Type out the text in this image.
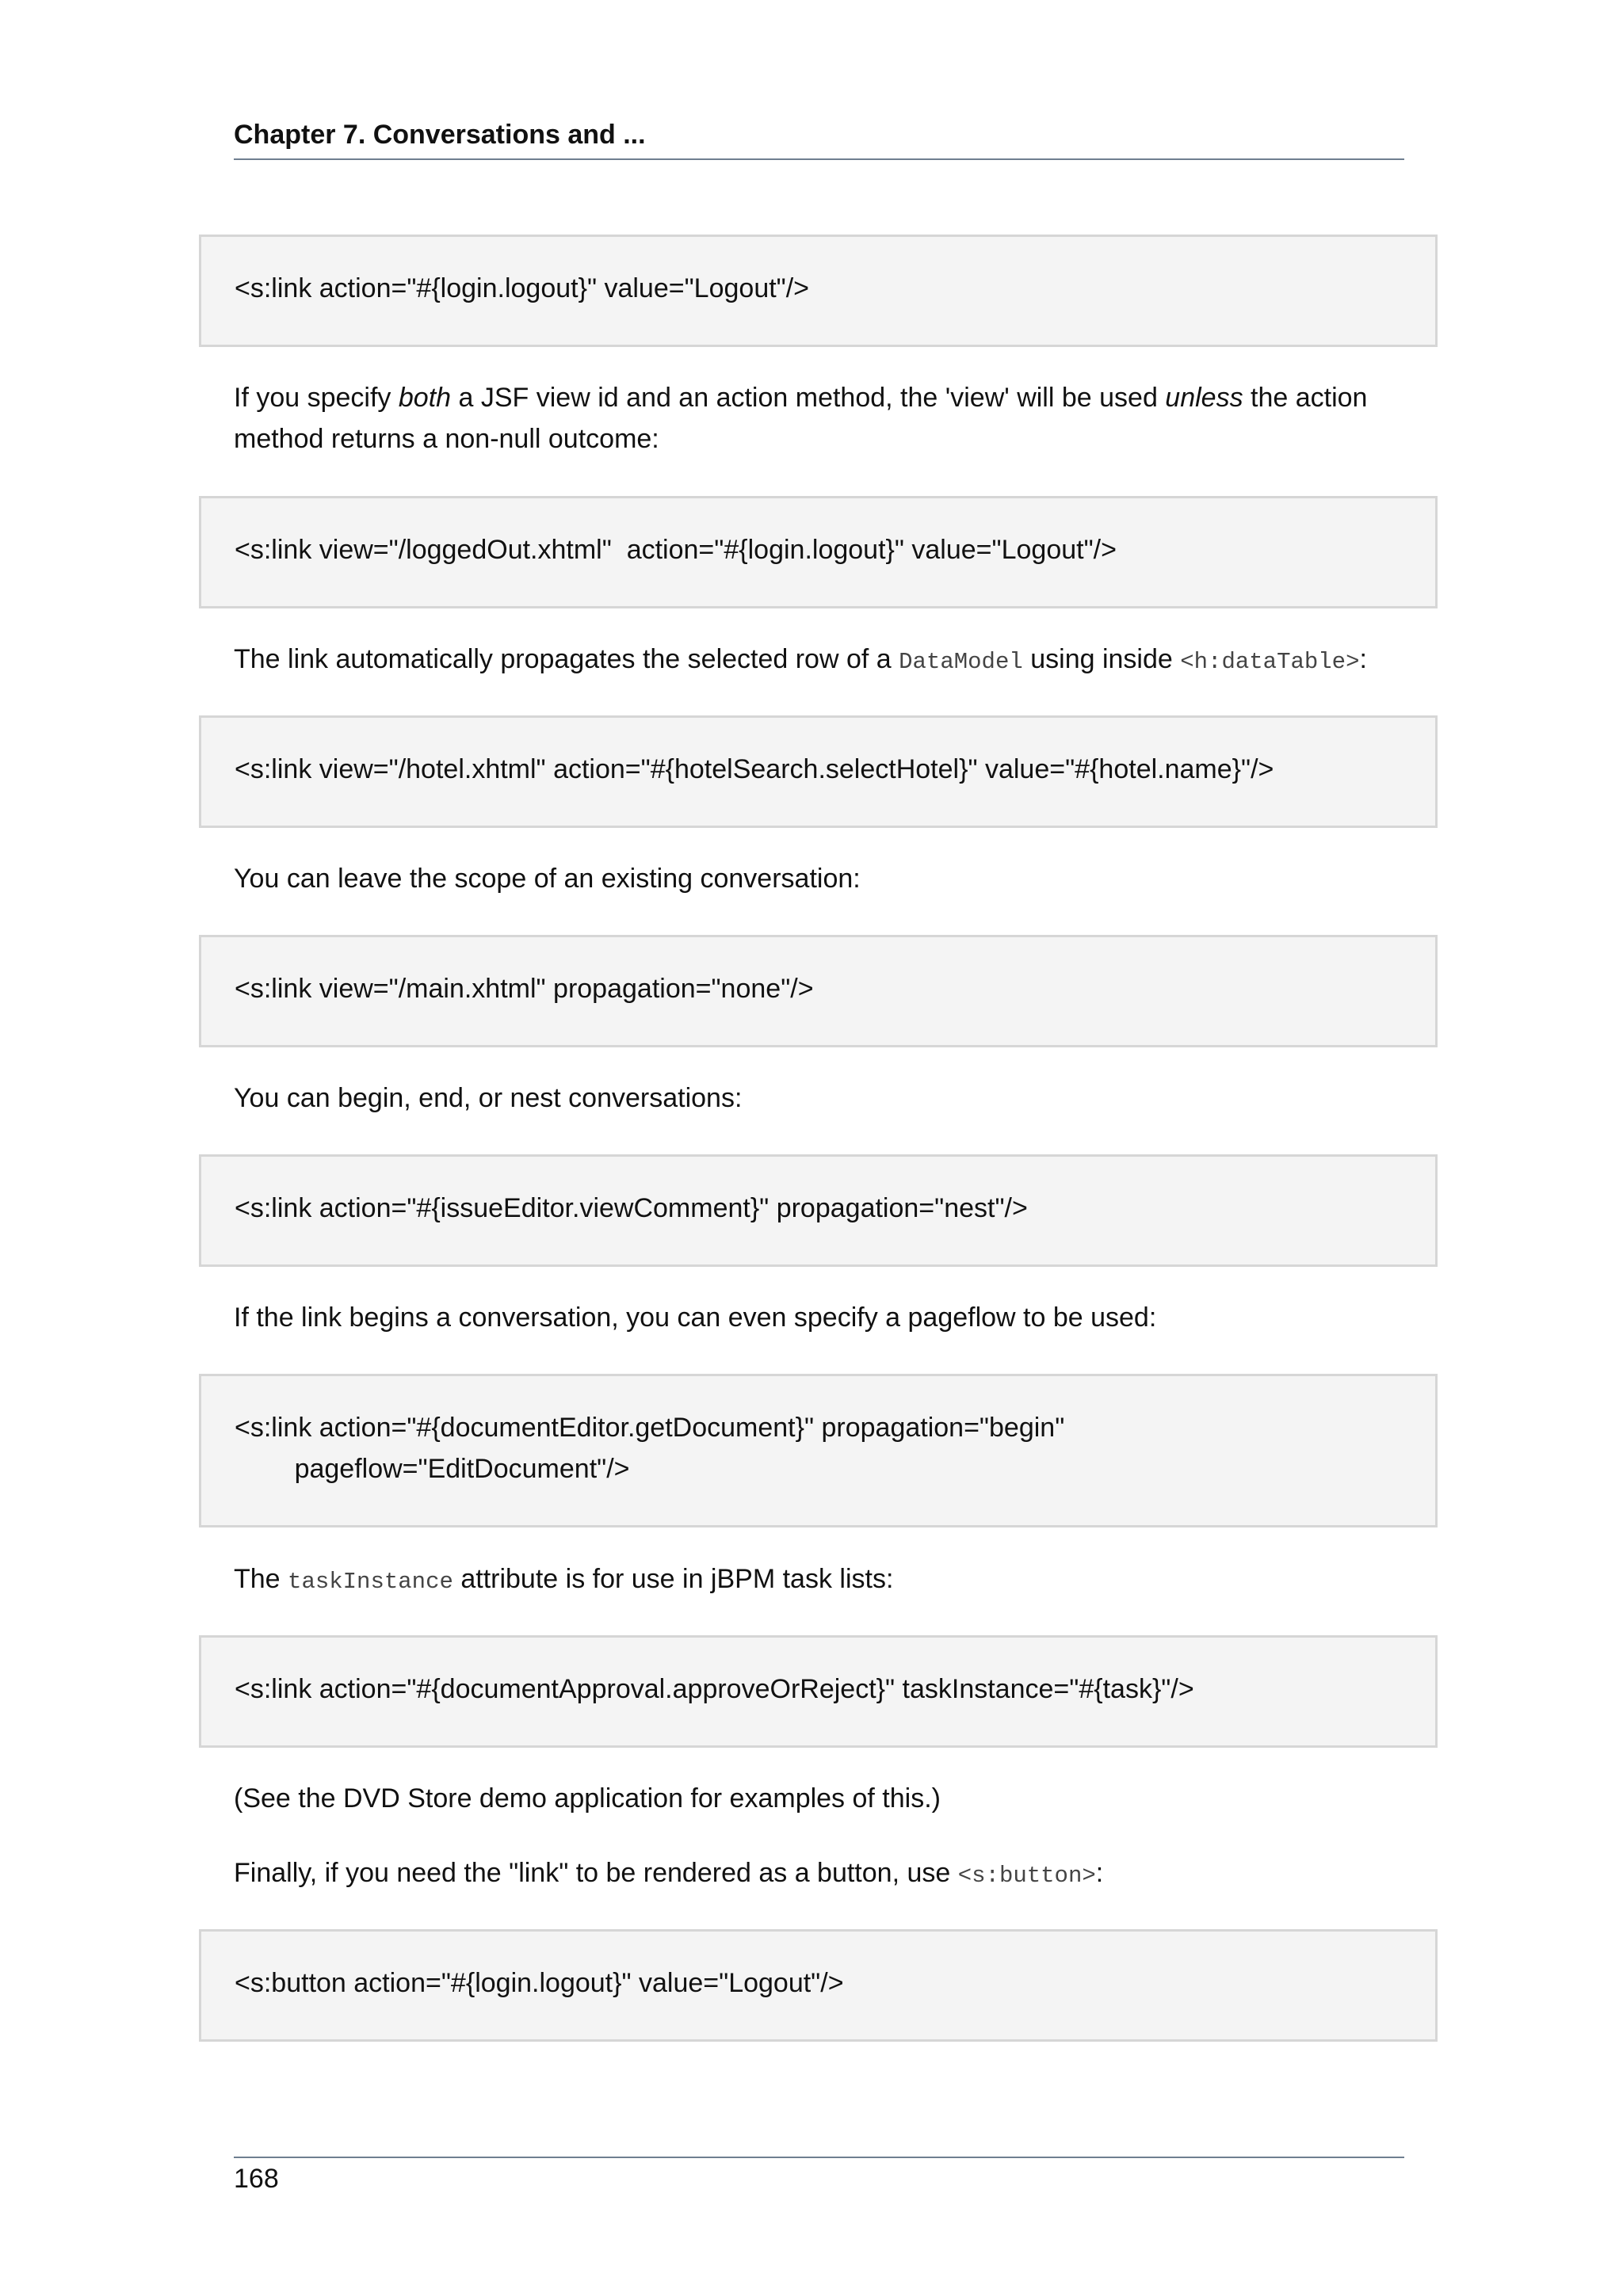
Chapter 7. Conversations and ...
<s:link action="#{login.logout}" value="Logout"/>
If you specify both a JSF view id and an action method, the 'view' will be used unless the action method returns a non-null outcome:
<s:link view="/loggedOut.xhtml"  action="#{login.logout}" value="Logout"/>
The link automatically propagates the selected row of a DataModel using inside <h:dataTable>:
<s:link view="/hotel.xhtml" action="#{hotelSearch.selectHotel}" value="#{hotel.name}"/>
You can leave the scope of an existing conversation:
<s:link view="/main.xhtml" propagation="none"/>
You can begin, end, or nest conversations:
<s:link action="#{issueEditor.viewComment}" propagation="nest"/>
If the link begins a conversation, you can even specify a pageflow to be used:
<s:link action="#{documentEditor.getDocument}" propagation="begin"
pageflow="EditDocument"/>
The taskInstance attribute is for use in jBPM task lists:
<s:link action="#{documentApproval.approveOrReject}" taskInstance="#{task}"/>
(See the DVD Store demo application for examples of this.)
Finally, if you need the "link" to be rendered as a button, use <s:button>:
<s:button action="#{login.logout}" value="Logout"/>
168
